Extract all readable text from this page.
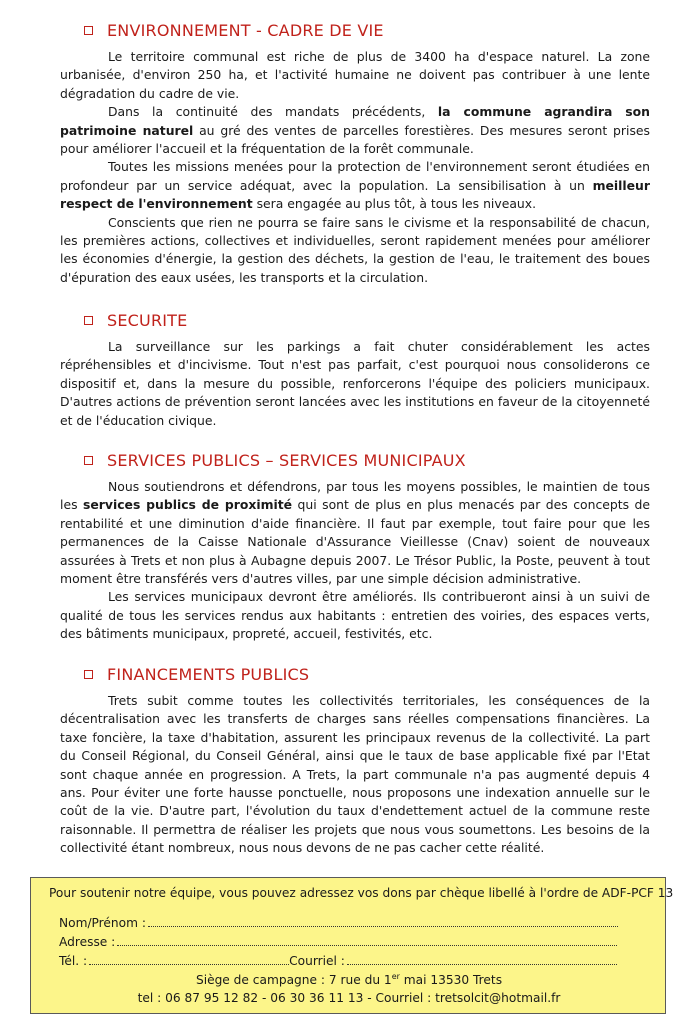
ENVIRONNEMENT - CADRE DE VIE

Le territoire communal est riche de plus de 3400 ha d'espace naturel. La zone urbanisée, d'environ 250 ha, et l'activité humaine ne doivent pas contribuer à une lente dégradation du cadre de vie.

Dans la continuité des mandats précédents, la commune agrandira son patrimoine naturel au gré des ventes de parcelles forestières. Des mesures seront prises pour améliorer l'accueil et la fréquentation de la forêt communale.

Toutes les missions menées pour la protection de l'environnement seront étudiées en profondeur par un service adéquat, avec la population. La sensibilisation à un meilleur respect de l'environnement sera engagée au plus tôt, à tous les niveaux.

Conscients que rien ne pourra se faire sans le civisme et la responsabilité de chacun, les premières actions, collectives et individuelles, seront rapidement menées pour améliorer les économies d'énergie, la gestion des déchets, la gestion de l'eau, le traitement des boues d'épuration des eaux usées, les transports et la circulation.

SECURITE

La surveillance sur les parkings a fait chuter considérablement les actes répréhensibles et d'incivisme. Tout n'est pas parfait, c'est pourquoi nous consoliderons ce dispositif et, dans la mesure du possible, renforcerons l'équipe des policiers municipaux. D'autres actions de prévention seront lancées avec les institutions en faveur de la citoyenneté et de l'éducation civique.

SERVICES PUBLICS – SERVICES MUNICIPAUX

Nous soutiendrons et défendrons, par tous les moyens possibles, le maintien de tous les services publics de proximité qui sont de plus en plus menacés par des concepts de rentabilité et une diminution d'aide financière. Il faut par exemple, tout faire pour que les permanences de la Caisse Nationale d'Assurance Vieillesse (Cnav) soient de nouveaux assurées à Trets et non plus à Aubagne depuis 2007. Le Trésor Public, la Poste, peuvent à tout moment être transférés vers d'autres villes, par une simple décision administrative.

Les services municipaux devront être améliorés. Ils contribueront ainsi à un suivi de qualité de tous les services rendus aux habitants : entretien des voiries, des espaces verts, des bâtiments municipaux, propreté, accueil, festivités, etc.

FINANCEMENTS PUBLICS

Trets subit comme toutes les collectivités territoriales, les conséquences de la décentralisation avec les transferts de charges sans réelles compensations financières. La taxe foncière, la taxe d'habitation, assurent les principaux revenus de la collectivité. La part du Conseil Régional, du Conseil Général, ainsi que le taux de base applicable fixé par l'Etat sont chaque année en progression. A Trets, la part communale n'a pas augmenté depuis 4 ans. Pour éviter une forte hausse ponctuelle, nous proposons une indexation annuelle sur le coût de la vie. D'autre part, l'évolution du taux d'endettement actuel de la commune reste raisonnable. Il permettra de réaliser les projets que nous vous soumettons. Les besoins de la collectivité étant nombreux, nous nous devons de ne pas cacher cette réalité.

Pour soutenir notre équipe, vous pouvez adressez vos dons par chèque libellé à l'ordre de ADF-PCF 13
Nom/Prénom :
Adresse :
Tél. :	Courriel :
Siège de campagne : 7 rue du 1er mai 13530 Trets
tel : 06 87 95 12 82 - 06 30 36 11 13 - Courriel : tretsolcit@hotmail.fr
